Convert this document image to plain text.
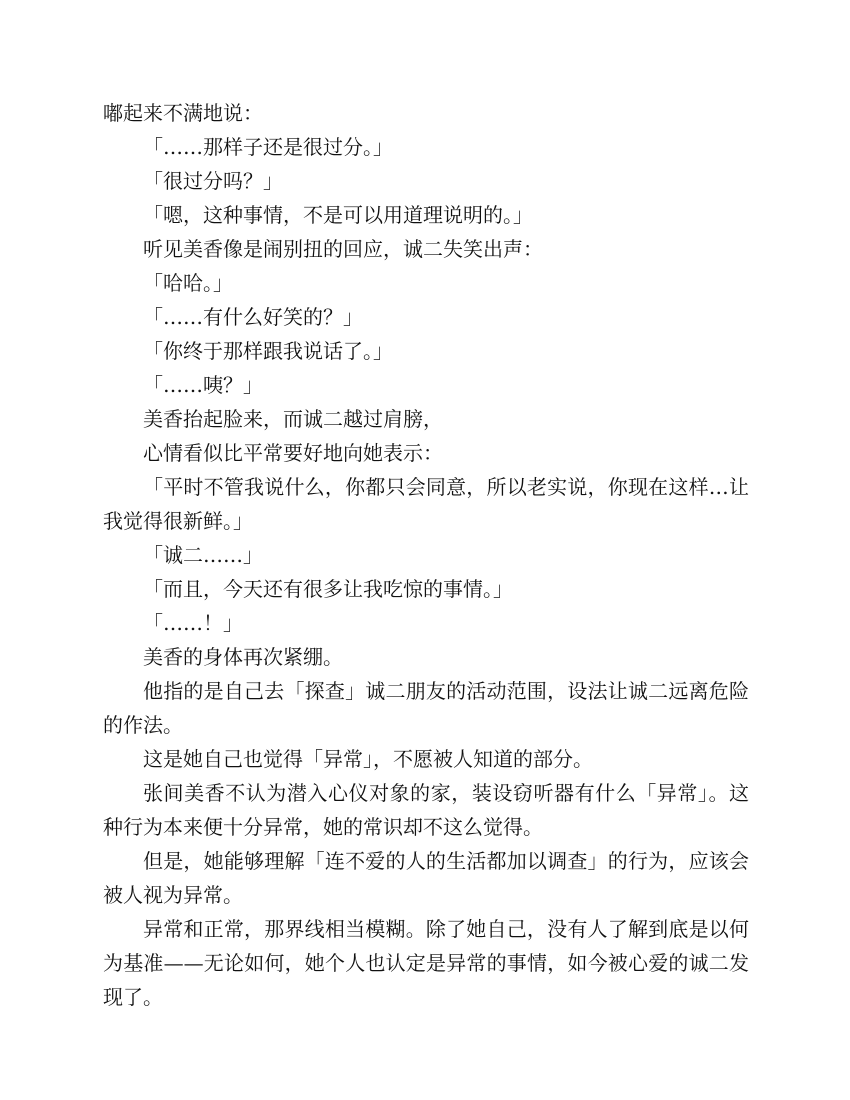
嘟起来不满地说：

「……那样子还是很过分。」

「很过分吗？」

「嗯，这种事情，不是可以用道理说明的。」

听见美香像是闹别扭的回应，诚二失笑出声：

「哈哈。」

「……有什么好笑的？」

「你终于那样跟我说话了。」

「……咦？」

美香抬起脸来，而诚二越过肩膀，

心情看似比平常要好地向她表示：

「平时不管我说什么，你都只会同意，所以老实说，你现在这样…让我觉得很新鲜。」

「诚二……」

「而且，今天还有很多让我吃惊的事情。」

「……！」

美香的身体再次紧绷。

他指的是自己去「探查」诚二朋友的活动范围，设法让诚二远离危险的作法。

这是她自己也觉得「异常」，不愿被人知道的部分。

张间美香不认为潜入心仪对象的家，装设窃听器有什么「异常」。这种行为本来便十分异常，她的常识却不这么觉得。

但是，她能够理解「连不爱的人的生活都加以调查」的行为，应该会被人视为异常。

异常和正常，那界线相当模糊。除了她自己，没有人了解到底是以何为基准——无论如何，她个人也认定是异常的事情，如今被心爱的诚二发现了。
